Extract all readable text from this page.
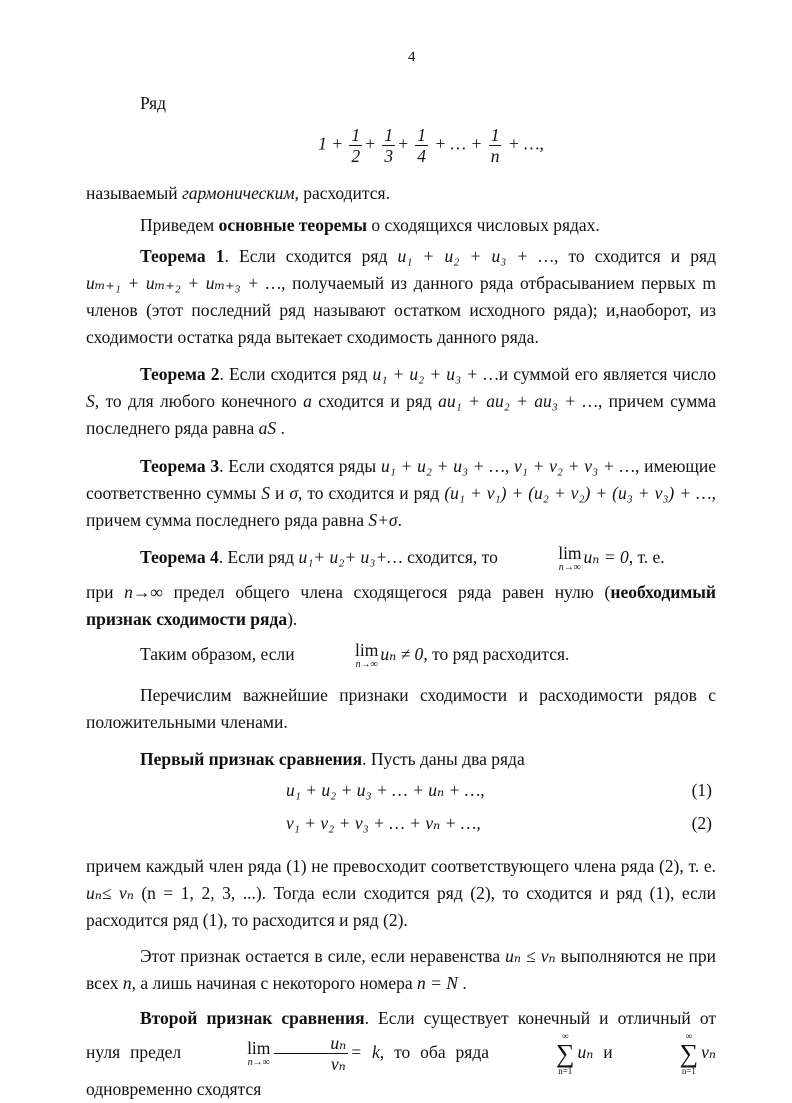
4

Ряд

$1 + \frac{1}{2} + \frac{1}{3} + \frac{1}{4}$ + … + $\frac{1}{n}$ + …,

называемый гармоническим, расходится.

Приведем основные теоремы о сходящихся числовых рядах.

Теорема 1. Если сходится ряд u₁ + u₂ + u₃ + …, то сходится и ряд uₘ₊₁ + uₘ₊₂ + uₘ₊₃ + …, получаемый из данного ряда отбрасыванием первых m членов (этот последний ряд называют остатком исходного ряда); и,наоборот, из сходимости остатка ряда вытекает сходимость данного ряда.

Теорема 2. Если сходится ряд u₁ + u₂ + u₃ + …и суммой его является число S, то для любого конечного a сходится и ряд au₁ + au₂ + au₃ + …, причем сумма последнего ряда равна aS .

Теорема 3. Если сходятся ряды u₁ + u₂ + u₃ + …, v₁ + v₂ + v₃ + …, имеющие соответственно суммы S и σ, то сходится и ряд (u₁ + v₁) + (u₂ + v₂) + (u₃ + v₃) + …, причем сумма последнего ряда равна S+σ.

Теорема 4. Если ряд u₁+ u₂+ u₃+… сходится, то	lim
n→∞
uₙ = 0, т. е.

при n→∞ предел общего члена сходящегося ряда равен нулю (необходимый признак сходимости ряда).

Таким образом, если	lim
n→∞
uₙ ≠ 0, то ряд расходится.

Перечислим важнейшие признаки сходимости и расходимости рядов с положительными членами.

Первый признак сравнения. Пусть даны два ряда

u₁ + u₂ + u₃ + … + uₙ + …,	(1)
v₁ + v₂ + v₃ + … + vₙ + …,	(2)

причем каждый член ряда (1) не превосходит соответствующего члена ряда (2), т. е. uₙ≤ vₙ (n = 1, 2, 3, ...). Тогда если сходится ряд (2), то сходится и ряд (1), если расходится ряд (1), то расходится и ряд (2).

Этот признак остается в силе, если неравенства uₙ ≤ vₙ выполняются не при всех n, а лишь начиная с некоторого номера n = N .

Второй признак сравнения. Если существует конечный и отличный от нуля предел	lim
$n\to\infty \frac{\text{uₙ}}{\text{vₙ}} = k$, то оба ряда
∞
∑
n=1
uₙ и
∞
∑
n=1
vₙ одновременно сходятся
